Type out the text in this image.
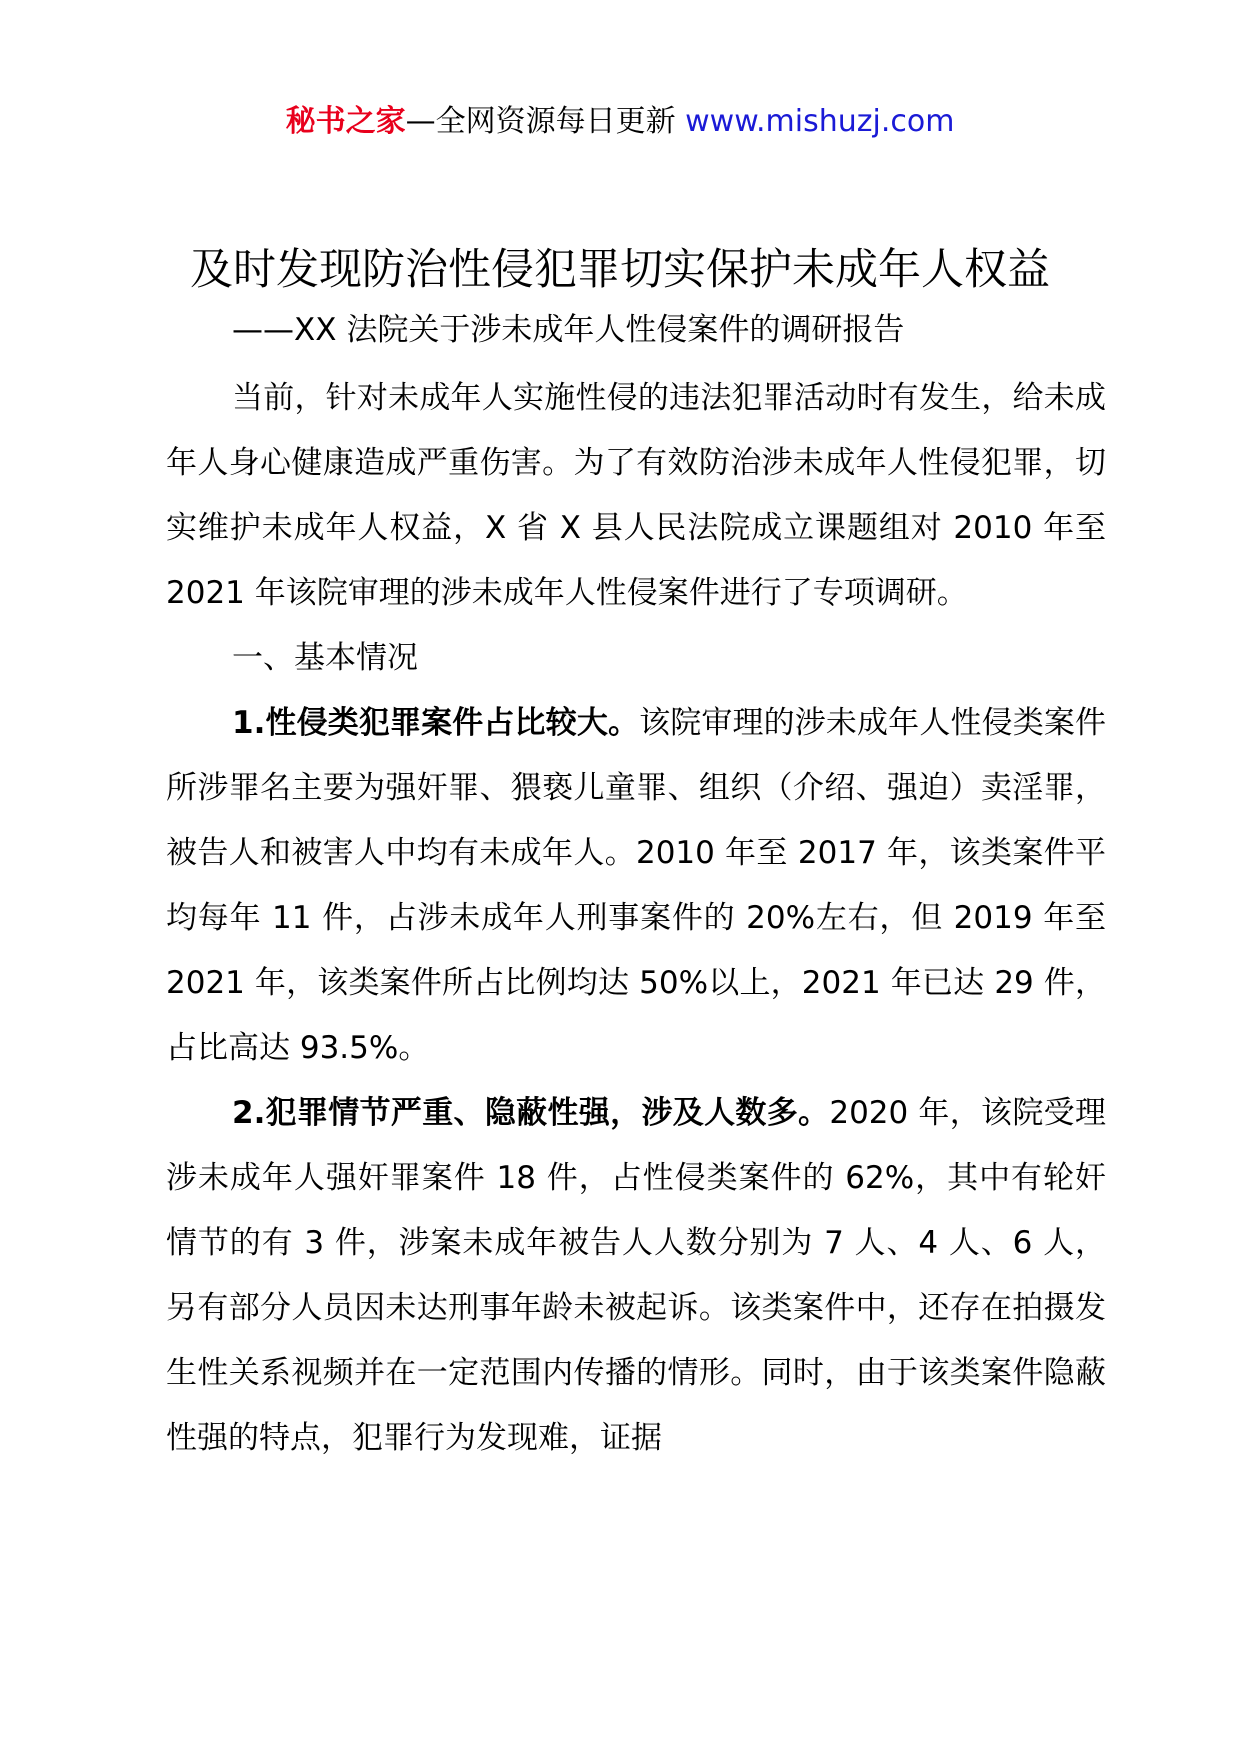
秘书之家—全网资源每日更新 www.mishuzj.com
及时发现防治性侵犯罪切实保护未成年人权益
——XX 法院关于涉未成年人性侵案件的调研报告

当前，针对未成年人实施性侵的违法犯罪活动时有发生，给未成年人身心健康造成严重伤害。为了有效防治涉未成年人性侵犯罪，切实维护未成年人权益，X 省 X 县人民法院成立课题组对 2010 年至 2021 年该院审理的涉未成年人性侵案件进行了专项调研。

一、基本情况

1.性侵类犯罪案件占比较大。该院审理的涉未成年人性侵类案件所涉罪名主要为强奸罪、猥亵儿童罪、组织（介绍、强迫）卖淫罪，被告人和被害人中均有未成年人。2010 年至 2017 年，该类案件平均每年 11 件，占涉未成年人刑事案件的 20%左右，但 2019 年至 2021 年，该类案件所占比例均达 50%以上，2021 年已达 29 件，占比高达 93.5%。

2.犯罪情节严重、隐蔽性强，涉及人数多。2020 年，该院受理涉未成年人强奸罪案件 18 件，占性侵类案件的 62%，其中有轮奸情节的有 3 件，涉案未成年被告人人数分别为 7 人、4 人、6 人，另有部分人员因未达刑事年龄未被起诉。该类案件中，还存在拍摄发生性关系视频并在一定范围内传播的情形。同时，由于该类案件隐蔽性强的特点，犯罪行为发现难，证据
